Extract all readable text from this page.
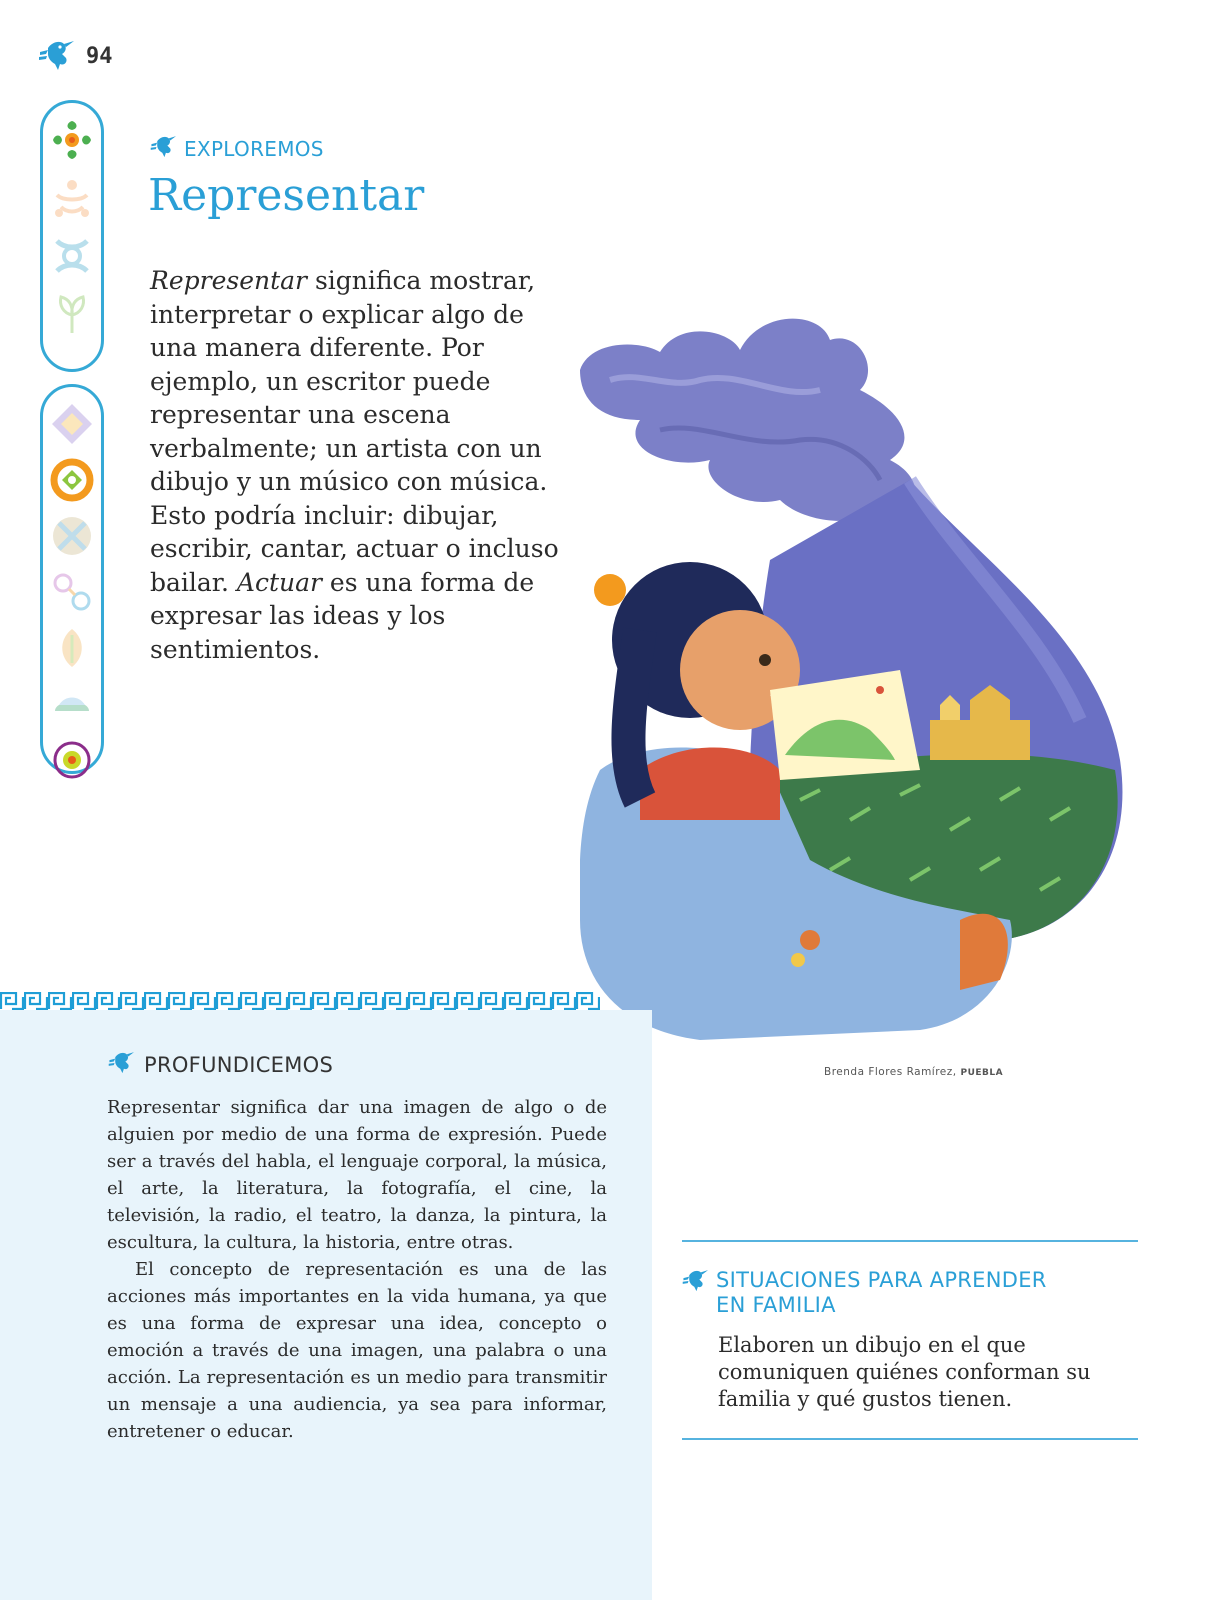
94
EXPLOREMOS
Representar

Representar significa mostrar, interpretar o explicar algo de una manera diferente. Por ejemplo, un escritor puede representar una escena verbalmente; un artista con un dibujo y un músico con música. Esto podría incluir: dibujar, escribir, cantar, actuar o incluso bailar. Actuar es una forma de expresar las ideas y los sentimientos.

Brenda Flores Ramírez, PUEBLA
PROFUNDICEMOS

Representar significa dar una imagen de algo o de alguien por medio de una forma de expresión. Puede ser a través del habla, el lenguaje corporal, la música, el arte, la literatura, la fotografía, el cine, la televisión, la radio, el teatro, la danza, la pintura, la escultura, la cultura, la historia, entre otras.

El concepto de representación es una de las acciones más importantes en la vida humana, ya que es una forma de expresar una idea, concepto o emoción a través de una imagen, una palabra o una acción. La representación es un medio para transmitir un mensaje a una audiencia, ya sea para informar, entretener o educar.

SITUACIONES PARA APRENDER EN FAMILIA
Elaboren un dibujo en el que comuniquen quiénes conforman su familia y qué gustos tienen.
